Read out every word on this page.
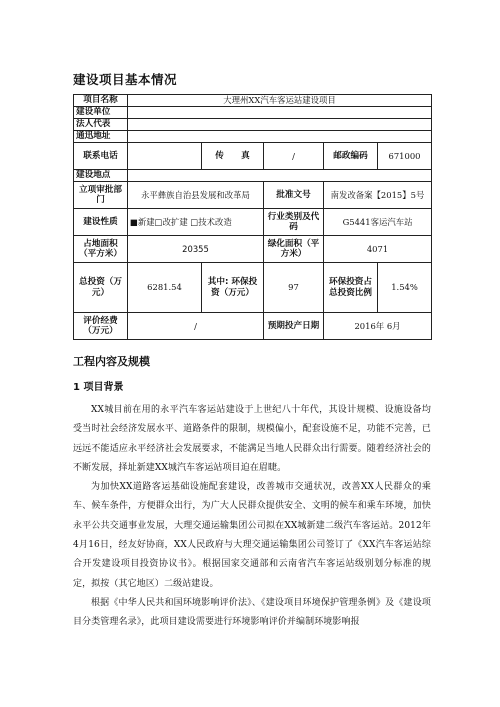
建设项目基本情况
项目名称	大理州XX汽车客运站建设项目				
建设单位					
法人代表					
通迅地址					
联系电话		传　　真	/	邮政编码	671000
建设地点					
立项审批部门	永平彝族自治县发展和改革局		批准文号	南发改备案【2015】5号	
建设性质	■新建□改扩建 □技术改造		行业类别及代码	G5441客运汽车站	
占地面积（平方米）	20355		绿化面积（平方米）	4071	
总投资（万元）	6281.54	其中: 环保投资（万元）	97	环保投资占总投资比例	1.54%
评价经费（万元）	/		预期投产日期	2016年 6月	
工程内容及规模
1 项目背景

XX城目前在用的永平汽车客运站建设于上世纪八十年代，其设计规模、设施设备均受当时社会经济发展水平、道路条件的限制，规模偏小，配套设施不足，功能不完善，已远远不能适应永平经济社会发展要求，不能满足当地人民群众出行需要。随着经济社会的不断发展，择址新建XX城汽车客运站项目迫在眉睫。

为加快XX道路客运基础设施配套建设，改善城市交通状况，改善XX人民群众的乘车、候车条件，方便群众出行，为广大人民群众提供安全、文明的候车和乘车环境，加快永平公共交通事业发展，大理交通运输集团公司拟在XX城新建二级汽车客运站。2012年4月16日，经友好协商，XX人民政府与大理交通运输集团公司签订了《XX汽车客运站综合开发建设项目投资协议书》。根据国家交通部和云南省汽车客运站级别划分标准的规定，拟按（其它地区）二级站建设。

根据《中华人民共和国环境影响评价法》、《建设项目环境保护管理条例》及《建设项目分类管理名录》，此项目建设需要进行环境影响评价并编制环境影响报
